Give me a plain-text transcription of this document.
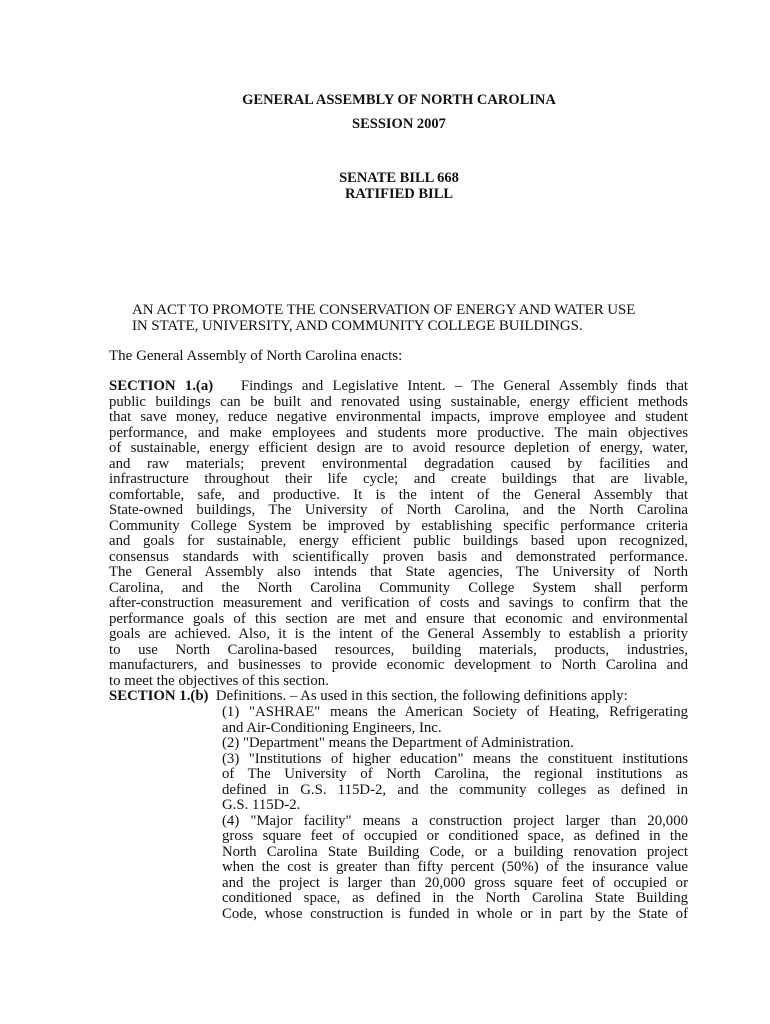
GENERAL ASSEMBLY OF NORTH CAROLINA
SESSION 2007
SENATE BILL 668
RATIFIED BILL
AN ACT TO PROMOTE THE CONSERVATION OF ENERGY AND WATER USE
IN STATE, UNIVERSITY, AND COMMUNITY COLLEGE BUILDINGS.
The General Assembly of North Carolina enacts:
SECTION 1.(a) Findings and Legislative Intent. – The General Assembly finds that
public buildings can be built and renovated using sustainable, energy efficient methods
that save money, reduce negative environmental impacts, improve employee and student
performance, and make employees and students more productive. The main objectives
of sustainable, energy efficient design are to avoid resource depletion of energy, water,
and raw materials; prevent environmental degradation caused by facilities and
infrastructure throughout their life cycle; and create buildings that are livable,
comfortable, safe, and productive. It is the intent of the General Assembly that
State-owned buildings, The University of North Carolina, and the North Carolina
Community College System be improved by establishing specific performance criteria
and goals for sustainable, energy efficient public buildings based upon recognized,
consensus standards with scientifically proven basis and demonstrated performance.
The General Assembly also intends that State agencies, The University of North
Carolina, and the North Carolina Community College System shall perform
after-construction measurement and verification of costs and savings to confirm that the
performance goals of this section are met and ensure that economic and environmental
goals are achieved. Also, it is the intent of the General Assembly to establish a priority
to use North Carolina-based resources, building materials, products, industries,
manufacturers, and businesses to provide economic development to North Carolina and
to meet the objectives of this section.
SECTION 1.(b) Definitions. – As used in this section, the following definitions apply:
(1) "ASHRAE" means the American Society of Heating, Refrigerating
and Air-Conditioning Engineers, Inc.
(2) "Department" means the Department of Administration.
(3) "Institutions of higher education" means the constituent institutions
of The University of North Carolina, the regional institutions as
defined in G.S. 115D-2, and the community colleges as defined in
G.S. 115D-2.
(4) "Major facility" means a construction project larger than 20,000
gross square feet of occupied or conditioned space, as defined in the
North Carolina State Building Code, or a building renovation project
when the cost is greater than fifty percent (50%) of the insurance value
and the project is larger than 20,000 gross square feet of occupied or
conditioned space, as defined in the North Carolina State Building
Code, whose construction is funded in whole or in part by the State of
